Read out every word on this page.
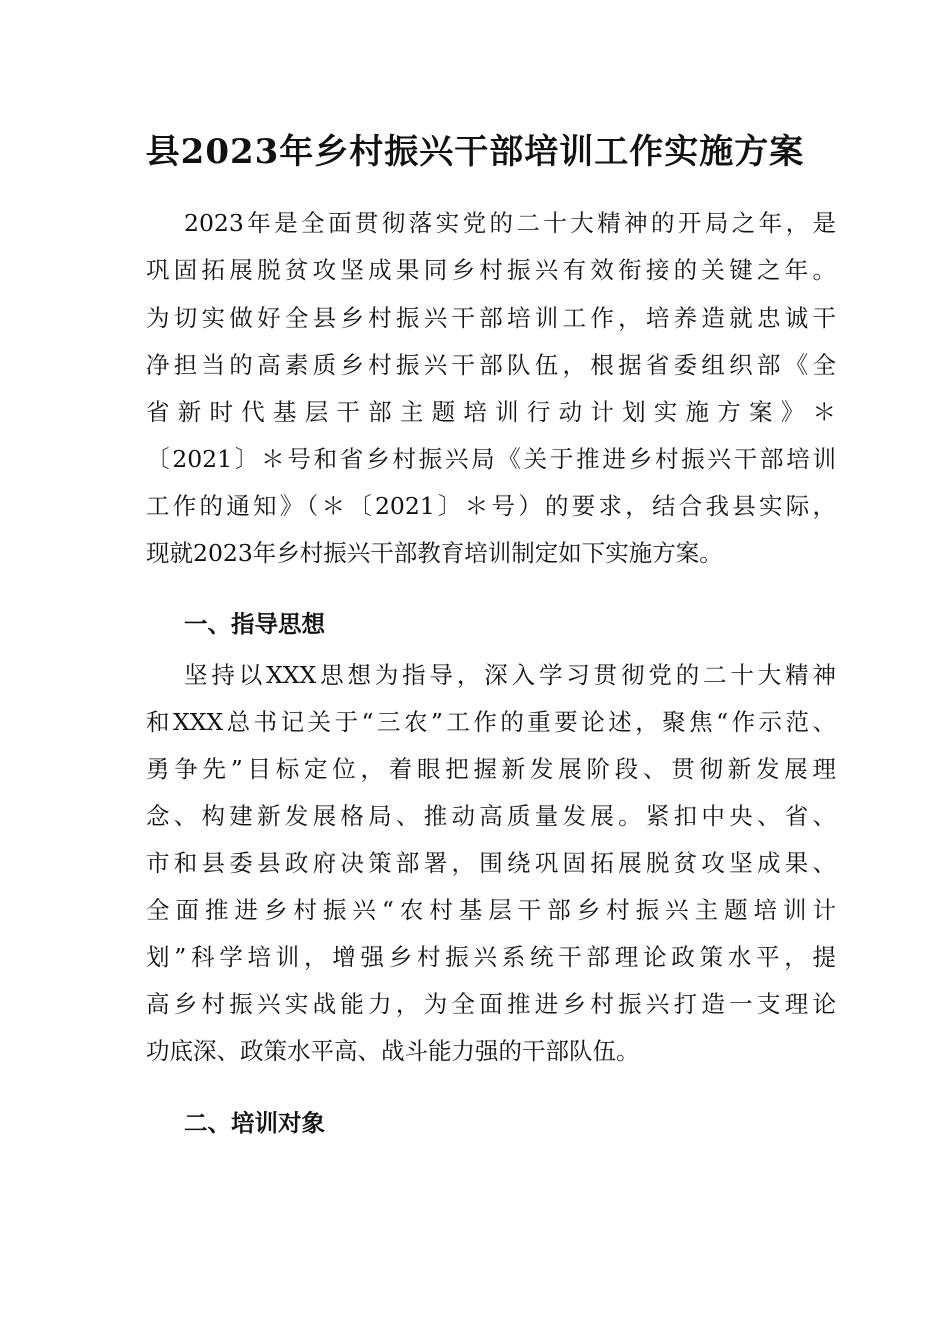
县2023年乡村振兴干部培训工作实施方案
2023年是全面贯彻落实党的二十大精神的开局之年，是
巩固拓展脱贫攻坚成果同乡村振兴有效衔接的关键之年。
为切实做好全县乡村振兴干部培训工作，培养造就忠诚干
净担当的高素质乡村振兴干部队伍，根据省委组织部《全
省新时代基层干部主题培训行动计划实施方案》＊
〔2021〕＊号和省乡村振兴局《关于推进乡村振兴干部培训
工作的通知》（＊〔2021〕＊号）的要求，结合我县实际，
现就2023年乡村振兴干部教育培训制定如下实施方案。
一、指导思想
坚持以XXX思想为指导，深入学习贯彻党的二十大精神
和XXX总书记关于“三农”工作的重要论述，聚焦“作示范、
勇争先”目标定位，着眼把握新发展阶段、贯彻新发展理
念、构建新发展格局、推动高质量发展。紧扣中央、省、
市和县委县政府决策部署，围绕巩固拓展脱贫攻坚成果、
全面推进乡村振兴“农村基层干部乡村振兴主题培训计
划”科学培训，增强乡村振兴系统干部理论政策水平，提
高乡村振兴实战能力，为全面推进乡村振兴打造一支理论
功底深、政策水平高、战斗能力强的干部队伍。
二、培训对象
